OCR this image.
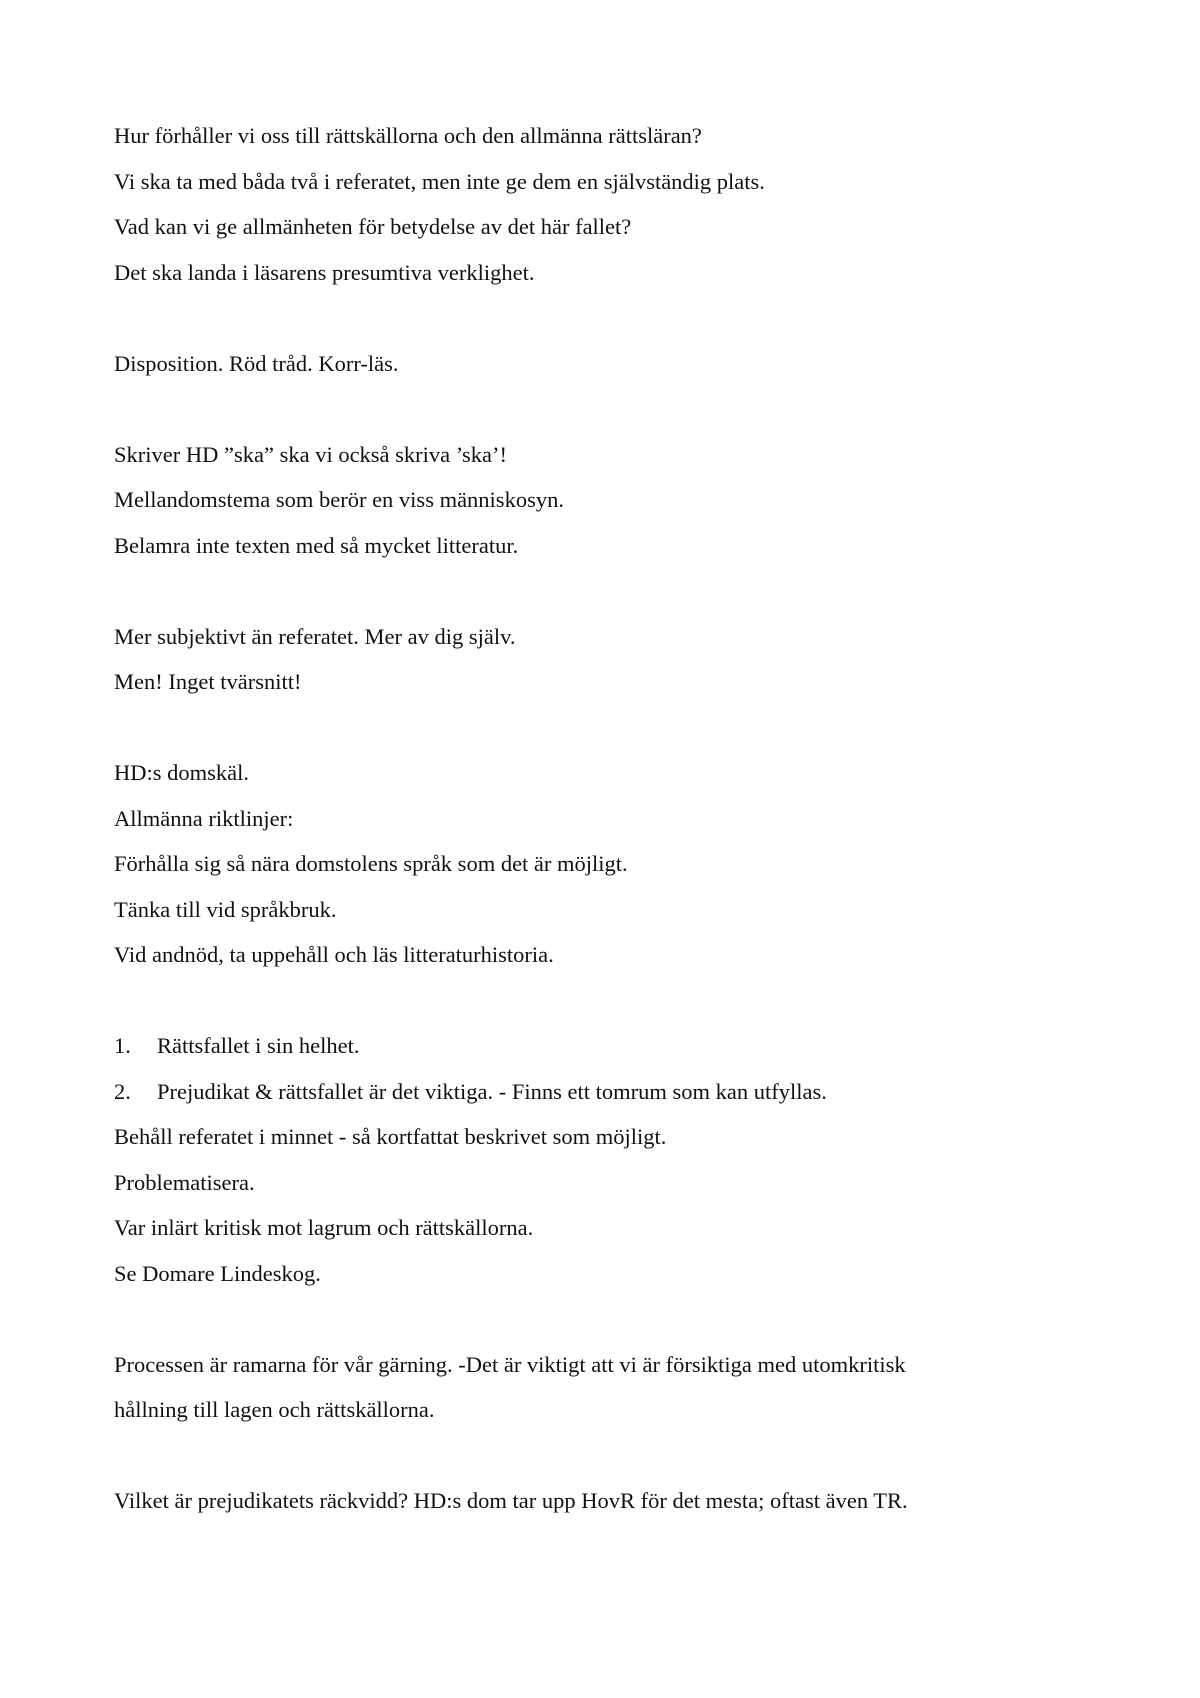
Hur förhåller vi oss till rättskällorna och den allmänna rättsläran?
Vi ska ta med båda två i referatet, men inte ge dem en självständig plats.
Vad kan vi ge allmänheten för betydelse av det här fallet?
Det ska landa i läsarens presumtiva verklighet.
Disposition. Röd tråd. Korr-läs.
Skriver HD ”ska” ska vi också skriva ’ska’!
Mellandomstema som berör en viss människosyn.
Belamra inte texten med så mycket litteratur.
Mer subjektivt än referatet. Mer av dig själv.
Men! Inget tvärsnitt!
HD:s domskäl.
Allmänna riktlinjer:
Förhålla sig så nära domstolens språk som det är möjligt.
Tänka till vid språkbruk.
Vid andnöd, ta uppehåll och läs litteraturhistoria.
1. Rättsfallet i sin helhet.
2. Prejudikat & rättsfallet är det viktiga. - Finns ett tomrum som kan utfyllas.
Behåll referatet i minnet - så kortfattat beskrivet som möjligt.
Problematisera.
Var inlärt kritisk mot lagrum och rättskällorna.
Se Domare Lindeskog.
Processen är ramarna för vår gärning. -Det är viktigt att vi är försiktiga med utomkritisk
hållning till lagen och rättskällorna.
Vilket är prejudikatets räckvidd? HD:s dom tar upp HovR för det mesta; oftast även TR.
